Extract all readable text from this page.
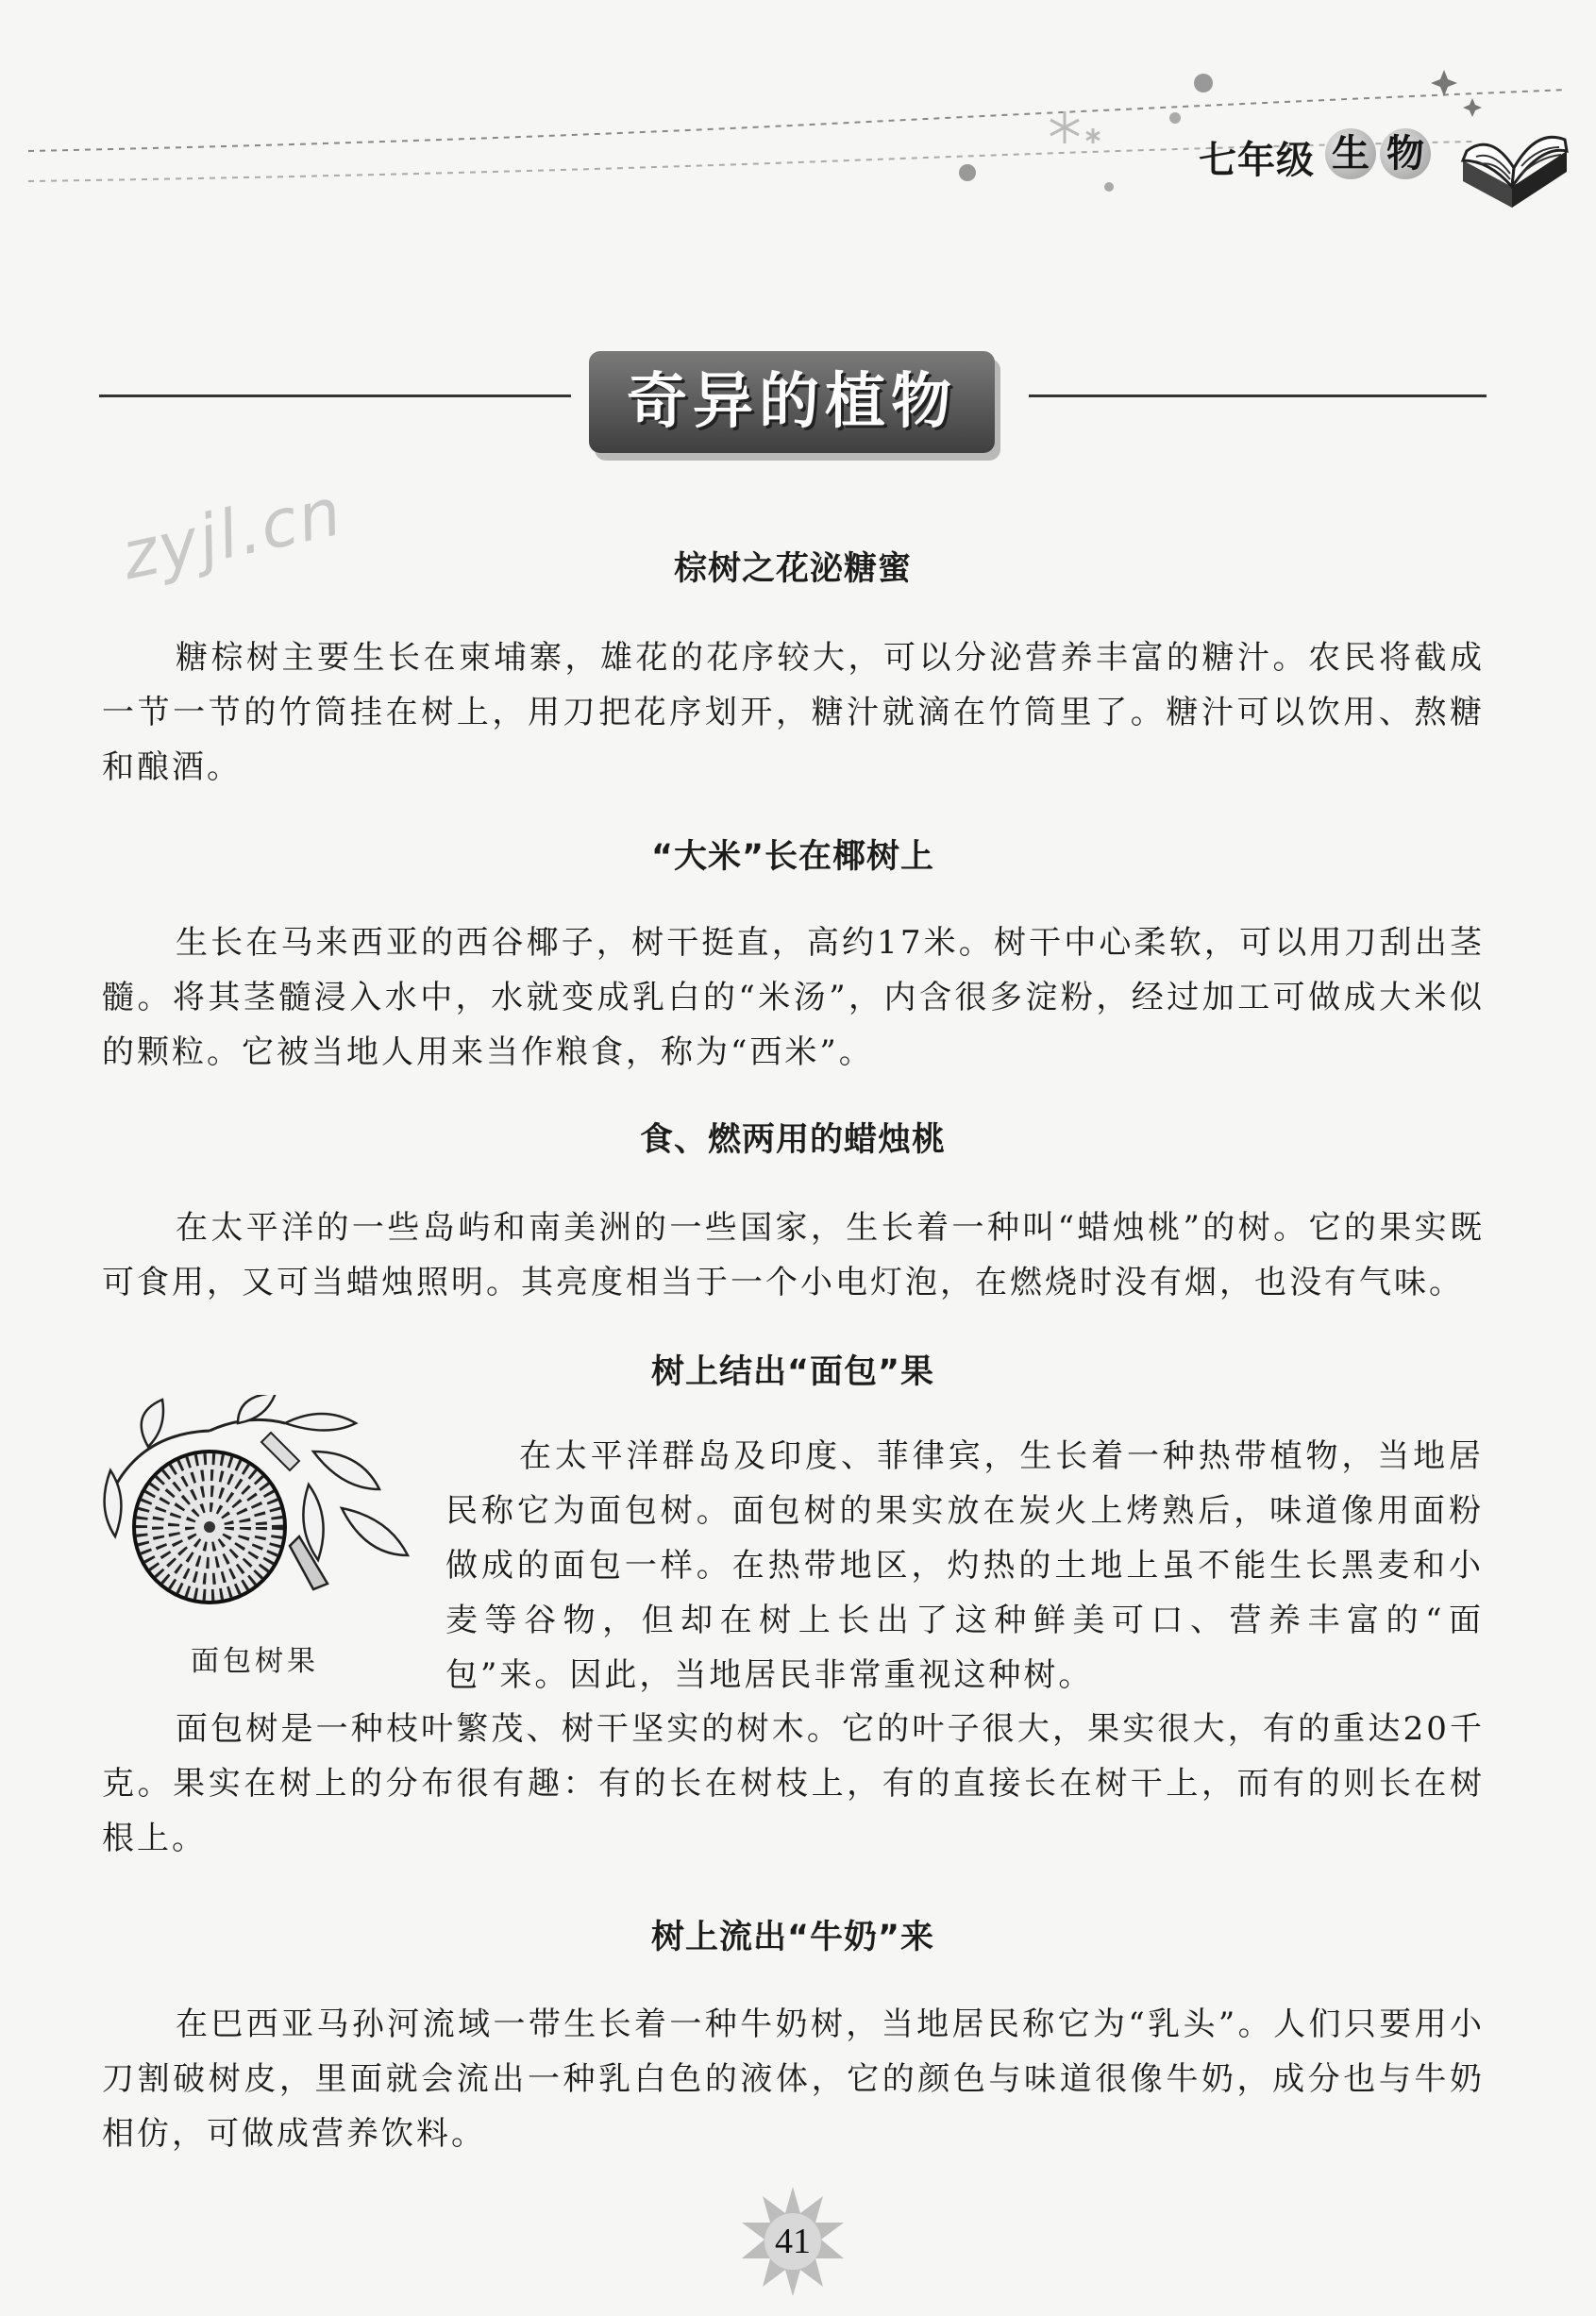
七年级 生 物
奇异的植物
zyjl.cn	棕树之花泌糖蜜

糖棕树主要生长在柬埔寨，雄花的花序较大，可以分泌营养丰富的糖汁。农民将截成一节一节的竹筒挂在树上，用刀把花序划开，糖汁就滴在竹筒里了。糖汁可以饮用、熬糖和酿酒。

“大米”长在椰树上

生长在马来西亚的西谷椰子，树干挺直，高约17米。树干中心柔软，可以用刀刮出茎髓。将其茎髓浸入水中，水就变成乳白的“米汤”，内含很多淀粉，经过加工可做成大米似的颗粒。它被当地人用来当作粮食，称为“西米”。

食、燃两用的蜡烛桃

在太平洋的一些岛屿和南美洲的一些国家，生长着一种叫“蜡烛桃”的树。它的果实既可食用，又可当蜡烛照明。其亮度相当于一个小电灯泡，在燃烧时没有烟，也没有气味。

树上结出“面包”果
面包树果

在太平洋群岛及印度、菲律宾，生长着一种热带植物，当地居民称它为面包树。面包树的果实放在炭火上烤熟后，味道像用面粉做成的面包一样。在热带地区，灼热的土地上虽不能生长黑麦和小麦等谷物，但却在树上长出了这种鲜美可口、营养丰富的“面包”来。因此，当地居民非常重视这种树。

面包树是一种枝叶繁茂、树干坚实的树木。它的叶子很大，果实很大，有的重达20千克。果实在树上的分布很有趣：有的长在树枝上，有的直接长在树干上，而有的则长在树根上。

树上流出“牛奶”来

在巴西亚马孙河流域一带生长着一种牛奶树，当地居民称它为“乳头”。人们只要用小刀割破树皮，里面就会流出一种乳白色的液体，它的颜色与味道很像牛奶，成分也与牛奶相仿，可做成营养饮料。

41
